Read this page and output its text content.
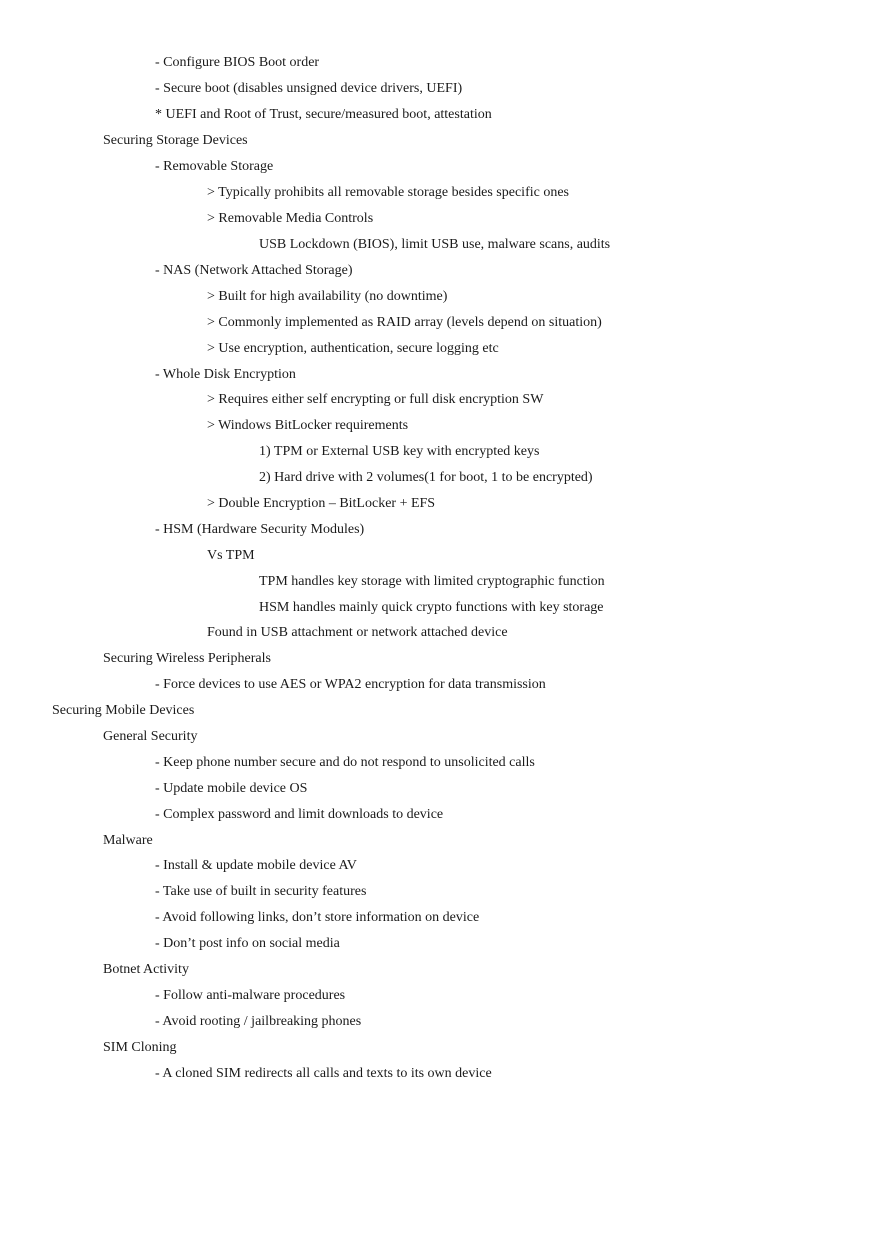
- Configure BIOS Boot order
- Secure boot (disables unsigned device drivers, UEFI)
* UEFI and Root of Trust, secure/measured boot, attestation
Securing Storage Devices
- Removable Storage
> Typically prohibits all removable storage besides specific ones
> Removable Media Controls
USB Lockdown (BIOS), limit USB use, malware scans, audits
- NAS (Network Attached Storage)
> Built for high availability (no downtime)
> Commonly implemented as RAID array (levels depend on situation)
> Use encryption, authentication, secure logging etc
- Whole Disk Encryption
> Requires either self encrypting or full disk encryption SW
> Windows BitLocker requirements
1) TPM or External USB key with encrypted keys
2) Hard drive with 2 volumes(1 for boot, 1 to be encrypted)
> Double Encryption – BitLocker + EFS
- HSM (Hardware Security Modules)
Vs TPM
TPM handles key storage with limited cryptographic function
HSM handles mainly quick crypto functions with key storage
Found in USB attachment or network attached device
Securing Wireless Peripherals
- Force devices to use AES or WPA2 encryption for data transmission
Securing Mobile Devices
General Security
- Keep phone number secure and do not respond to unsolicited calls
- Update mobile device OS
- Complex password and limit downloads to device
Malware
- Install & update mobile device AV
- Take use of built in security features
- Avoid following links, don’t store information on device
- Don’t post info on social media
Botnet Activity
- Follow anti-malware procedures
- Avoid rooting / jailbreaking phones
SIM Cloning
- A cloned SIM redirects all calls and texts to its own device
